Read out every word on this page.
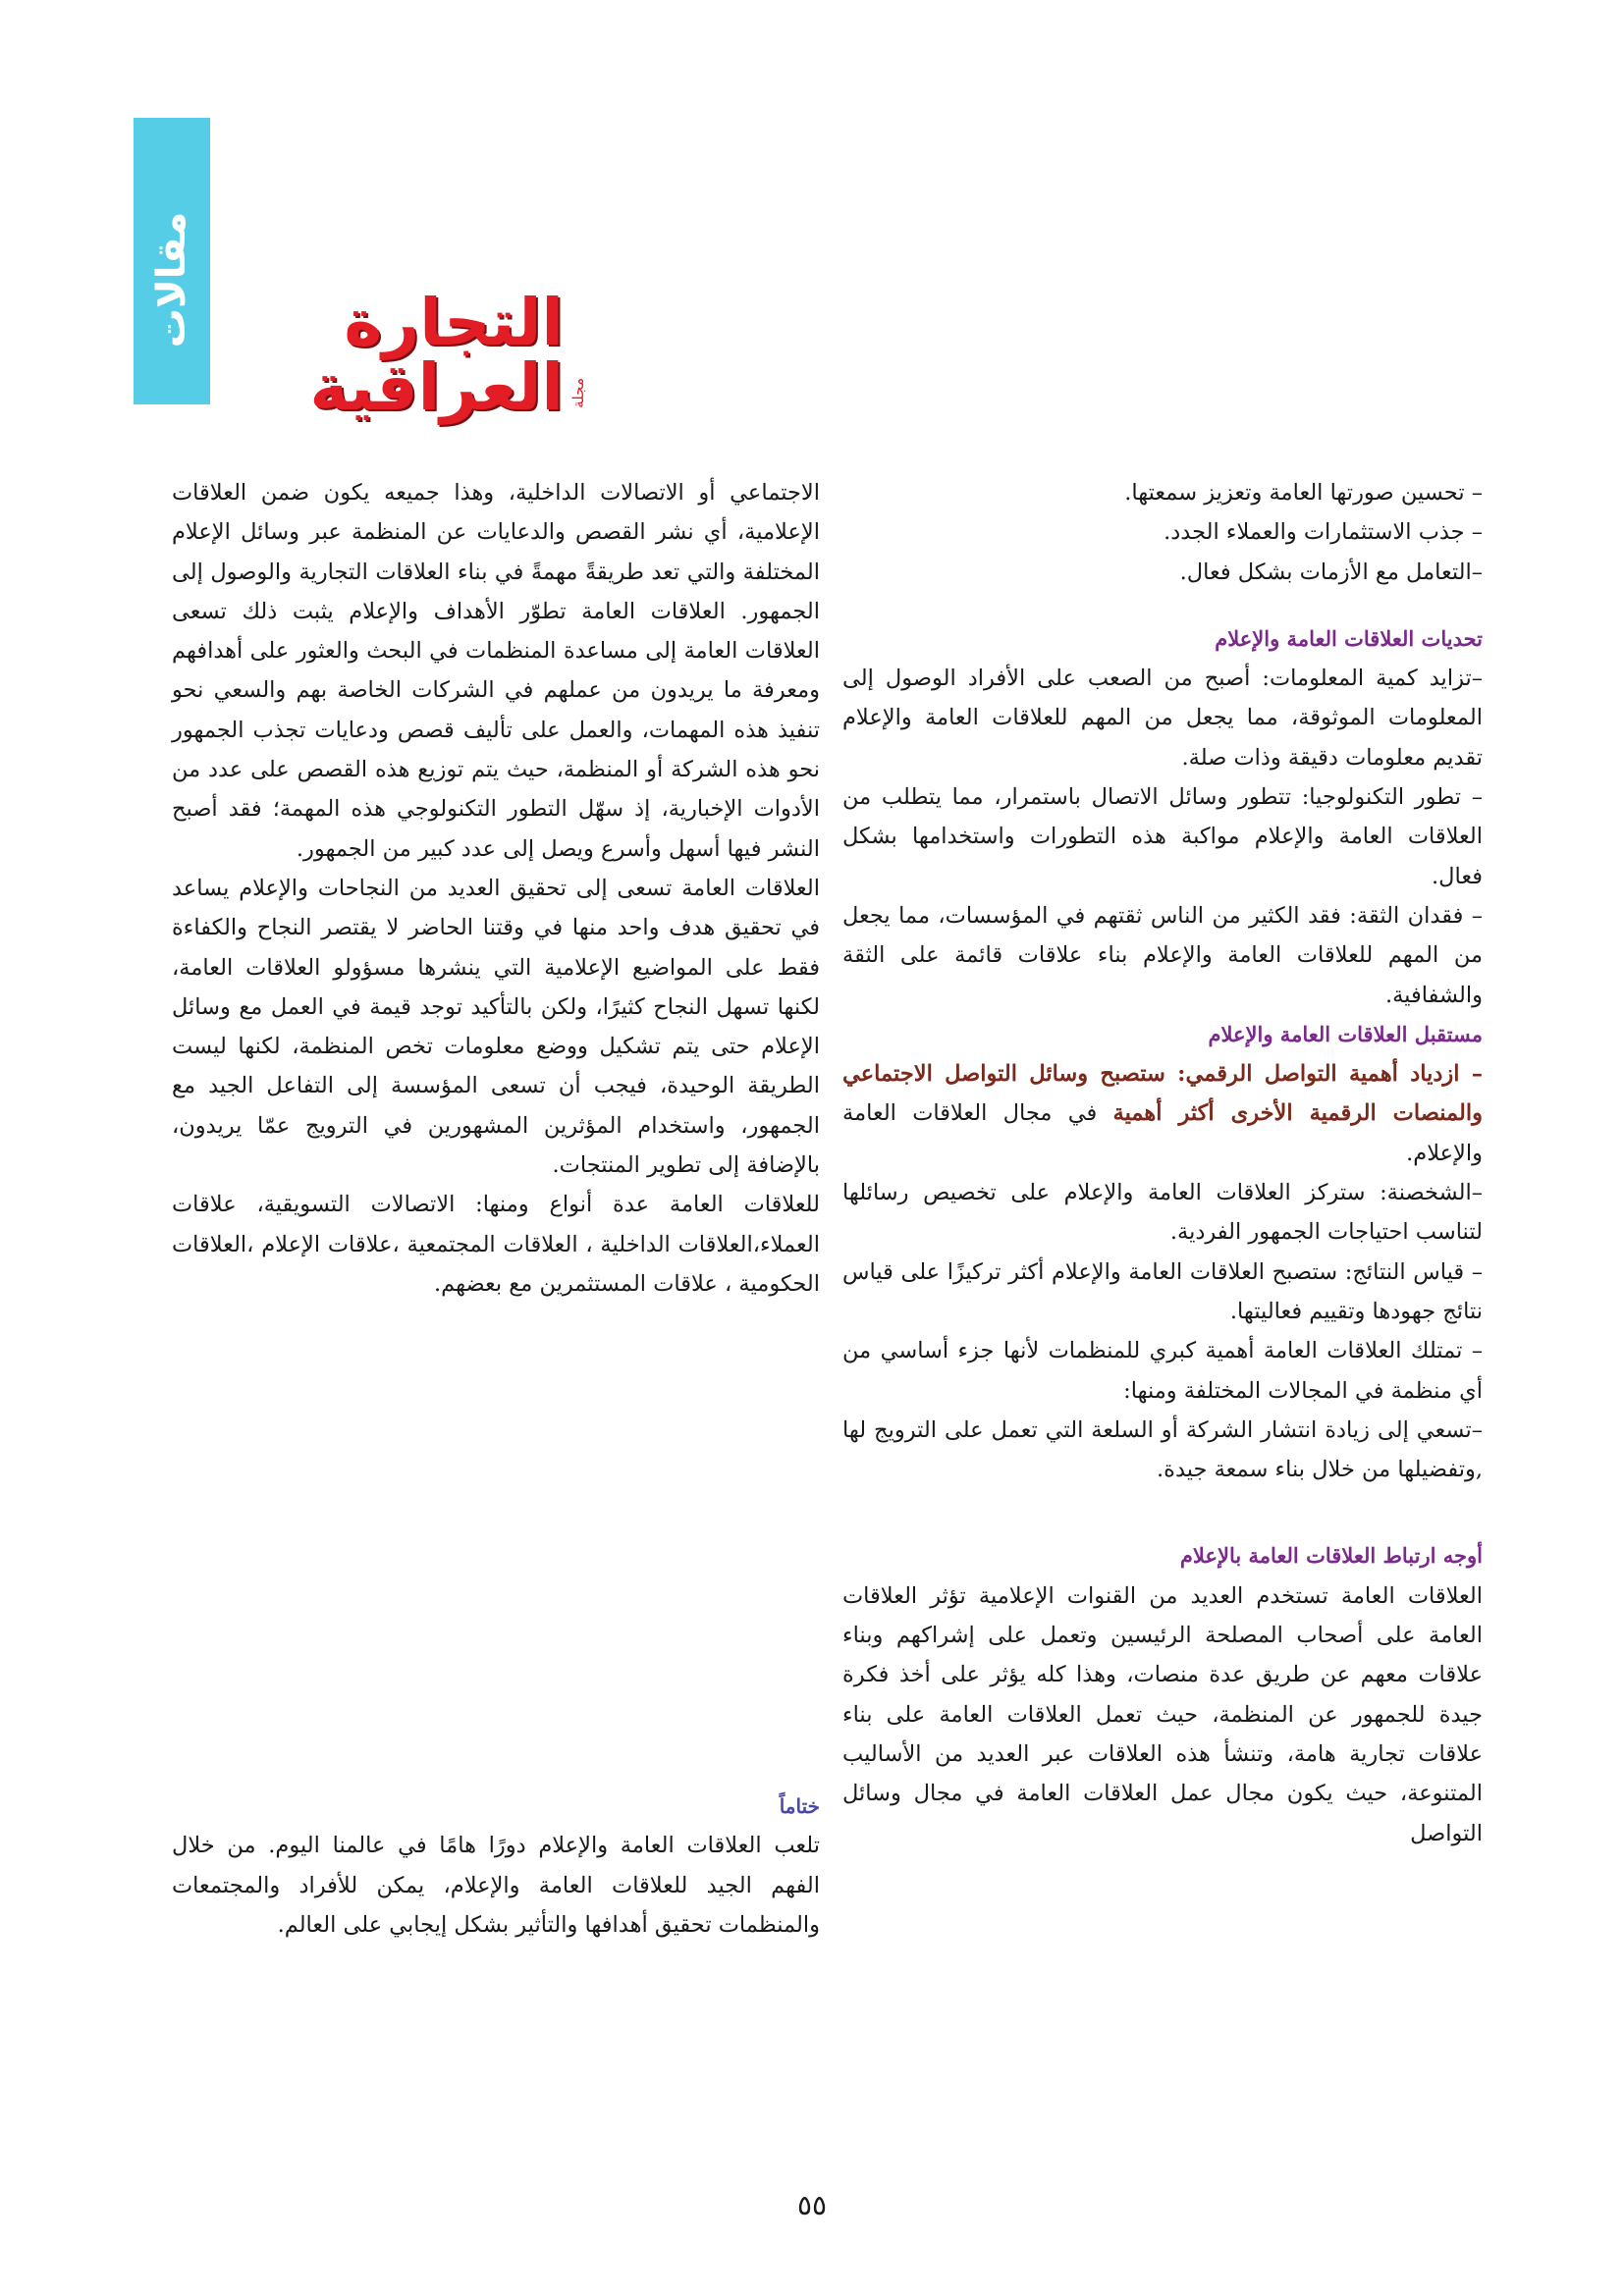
مقالات
مجلة
التجارة العراقية

– تحسين صورتها العامة وتعزيز سمعتها.

– جذب الاستثمارات والعملاء الجدد.

–التعامل مع الأزمات بشكل فعال.

تحديات العلاقات العامة والإعلام

–تزايد كمية المعلومات: أصبح من الصعب على الأفراد الوصول إلى المعلومات الموثوقة، مما يجعل من المهم للعلاقات العامة والإعلام تقديم معلومات دقيقة وذات صلة.

– تطور التكنولوجيا: تتطور وسائل الاتصال باستمرار، مما يتطلب من العلاقات العامة والإعلام مواكبة هذه التطورات واستخدامها بشكل فعال.

– فقدان الثقة: فقد الكثير من الناس ثقتهم في المؤسسات، مما يجعل من المهم للعلاقات العامة والإعلام بناء علاقات قائمة على الثقة والشفافية.

مستقبل العلاقات العامة والإعلام

– ازدياد أهمية التواصل الرقمي: ستصبح وسائل التواصل الاجتماعي والمنصات الرقمية الأخرى أكثر أهمية في مجال العلاقات العامة والإعلام.

–الشخصنة: ستركز العلاقات العامة والإعلام على تخصيص رسائلها لتناسب احتياجات الجمهور الفردية.

– قياس النتائج: ستصبح العلاقات العامة والإعلام أكثر تركيزًا على قياس نتائج جهودها وتقييم فعاليتها.

– تمتلك العلاقات العامة أهمية كبري للمنظمات لأنها جزء أساسي من أي منظمة في المجالات المختلفة ومنها:

–تسعي إلى زيادة انتشار الشركة أو السلعة التي تعمل على الترويج لها ,وتفضيلها من خلال بناء سمعة جيدة.

أوجه ارتباط العلاقات العامة بالإعلام

العلاقات العامة تستخدم العديد من القنوات الإعلامية تؤثر العلاقات العامة على أصحاب المصلحة الرئيسين وتعمل على إشراكهم وبناء علاقات معهم عن طريق عدة منصات، وهذا كله يؤثر على أخذ فكرة جيدة للجمهور عن المنظمة، حيث تعمل العلاقات العامة على بناء علاقات تجارية هامة، وتنشأ هذه العلاقات عبر العديد من الأساليب المتنوعة، حيث يكون مجال عمل العلاقات العامة في مجال وسائل التواصل

الاجتماعي أو الاتصالات الداخلية، وهذا جميعه يكون ضمن العلاقات الإعلامية، أي نشر القصص والدعايات عن المنظمة عبر وسائل الإعلام المختلفة والتي تعد طريقةً مهمةً في بناء العلاقات التجارية والوصول إلى الجمهور. العلاقات العامة تطوّر الأهداف والإعلام يثبت ذلك تسعى العلاقات العامة إلى مساعدة المنظمات في البحث والعثور على أهدافهم ومعرفة ما يريدون من عملهم في الشركات الخاصة بهم والسعي نحو تنفيذ هذه المهمات، والعمل على تأليف قصص ودعايات تجذب الجمهور نحو هذه الشركة أو المنظمة، حيث يتم توزيع هذه القصص على عدد من الأدوات الإخبارية، إذ سهّل التطور التكنولوجي هذه المهمة؛ فقد أصبح النشر فيها أسهل وأسرع ويصل إلى عدد كبير من الجمهور.

العلاقات العامة تسعى إلى تحقيق العديد من النجاحات والإعلام يساعد في تحقيق هدف واحد منها في وقتنا الحاضر لا يقتصر النجاح والكفاءة فقط على المواضيع الإعلامية التي ينشرها مسؤولو العلاقات العامة، لكنها تسهل النجاح كثيرًا، ولكن بالتأكيد توجد قيمة في العمل مع وسائل الإعلام حتى يتم تشكيل ووضع معلومات تخص المنظمة، لكنها ليست الطريقة الوحيدة، فيجب أن تسعى المؤسسة إلى التفاعل الجيد مع الجمهور، واستخدام المؤثرين المشهورين في الترويج عمّا يريدون، بالإضافة إلى تطوير المنتجات.

للعلاقات العامة عدة أنواع ومنها: الاتصالات التسويقية، علاقات العملاء،العلاقات الداخلية ، العلاقات المجتمعية ،علاقات الإعلام ،العلاقات الحكومية ، علاقات المستثمرين مع بعضهم.

ختاماً

تلعب العلاقات العامة والإعلام دورًا هامًا في عالمنا اليوم. من خلال الفهم الجيد للعلاقات العامة والإعلام، يمكن للأفراد والمجتمعات والمنظمات تحقيق أهدافها والتأثير بشكل إيجابي على العالم.

٥٥
